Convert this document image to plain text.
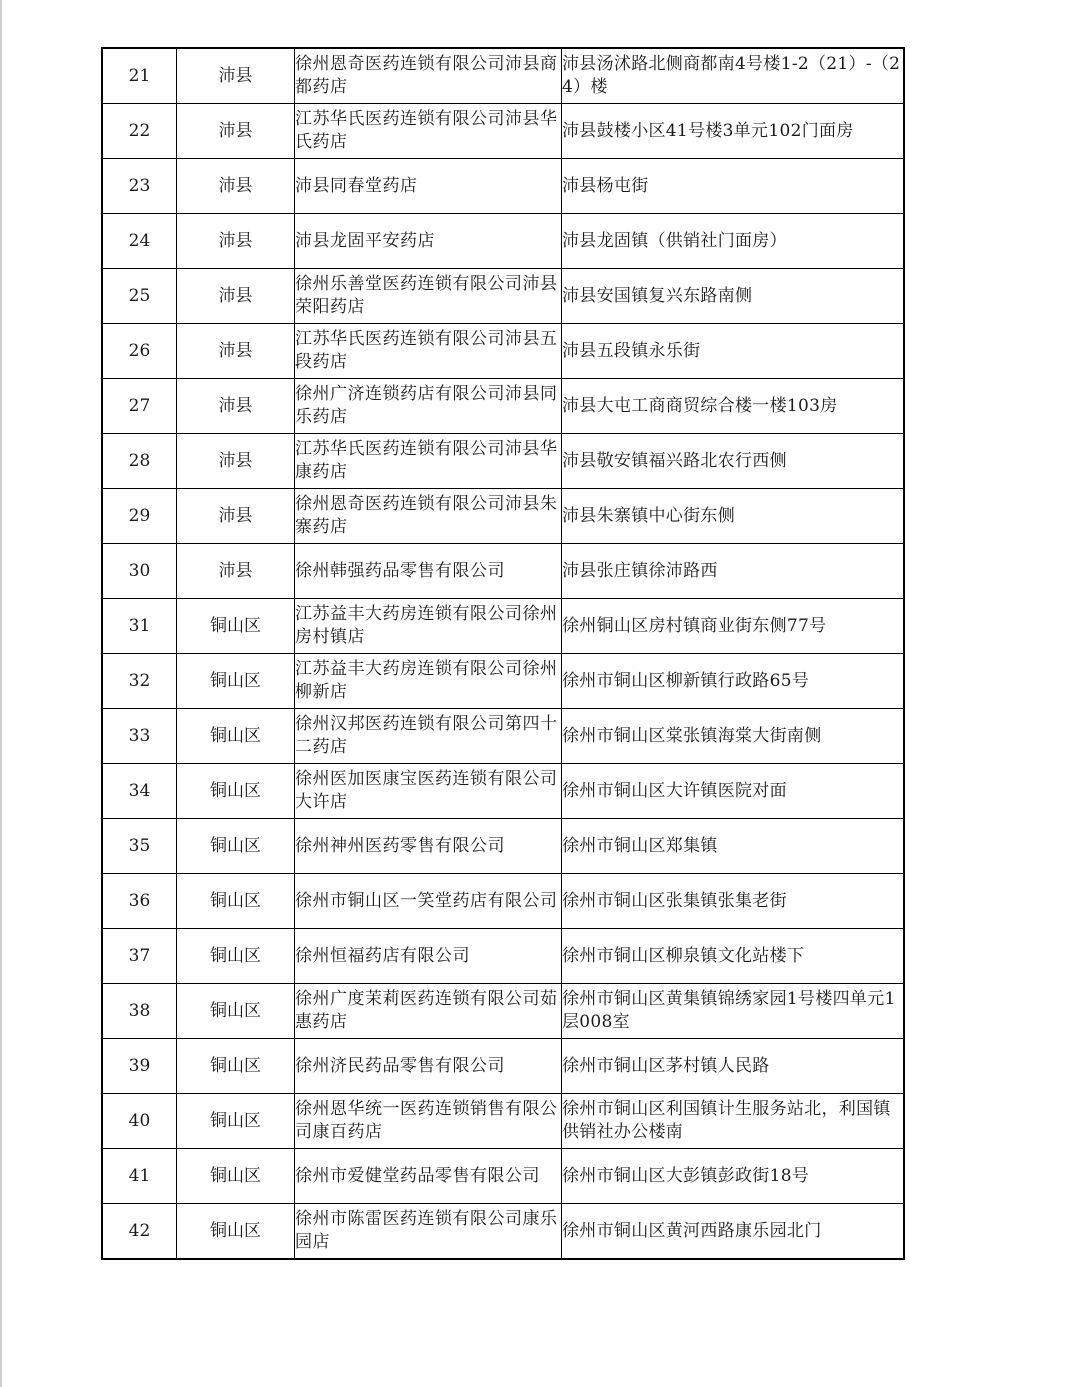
21	沛县	徐州恩奇医药连锁有限公司沛县商都药店	沛县汤沭路北侧商都南4号楼1-2（21）-（24）楼

22	沛县	江苏华氏医药连锁有限公司沛县华氏药店	沛县鼓楼小区41号楼3单元102门面房

23	沛县	沛县同春堂药店	沛县杨屯街

24	沛县	沛县龙固平安药店	沛县龙固镇（供销社门面房）

25	沛县	徐州乐善堂医药连锁有限公司沛县荣阳药店	沛县安国镇复兴东路南侧

26	沛县	江苏华氏医药连锁有限公司沛县五段药店	沛县五段镇永乐街

27	沛县	徐州广济连锁药店有限公司沛县同乐药店	沛县大屯工商商贸综合楼一楼103房

28	沛县	江苏华氏医药连锁有限公司沛县华康药店	沛县敬安镇福兴路北农行西侧

29	沛县	徐州恩奇医药连锁有限公司沛县朱寨药店	沛县朱寨镇中心街东侧

30	沛县	徐州韩强药品零售有限公司	沛县张庄镇徐沛路西

31	铜山区	江苏益丰大药房连锁有限公司徐州房村镇店	徐州铜山区房村镇商业街东侧77号

32	铜山区	江苏益丰大药房连锁有限公司徐州柳新店	徐州市铜山区柳新镇行政路65号

33	铜山区	徐州汉邦医药连锁有限公司第四十二药店	徐州市铜山区棠张镇海棠大街南侧

34	铜山区	徐州医加医康宝医药连锁有限公司大许店	徐州市铜山区大许镇医院对面

35	铜山区	徐州神州医药零售有限公司	徐州市铜山区郑集镇

36	铜山区	徐州市铜山区一笑堂药店有限公司	徐州市铜山区张集镇张集老街

37	铜山区	徐州恒福药店有限公司	徐州市铜山区柳泉镇文化站楼下

38	铜山区	徐州广度茉莉医药连锁有限公司茹惠药店	徐州市铜山区黄集镇锦绣家园1号楼四单元1层008室

39	铜山区	徐州济民药品零售有限公司	徐州市铜山区茅村镇人民路

40	铜山区	徐州恩华统一医药连锁销售有限公司康百药店	徐州市铜山区利国镇计生服务站北，利国镇供销社办公楼南

41	铜山区	徐州市爱健堂药品零售有限公司	徐州市铜山区大彭镇彭政街18号

42	铜山区	徐州市陈雷医药连锁有限公司康乐园店	徐州市铜山区黄河西路康乐园北门
